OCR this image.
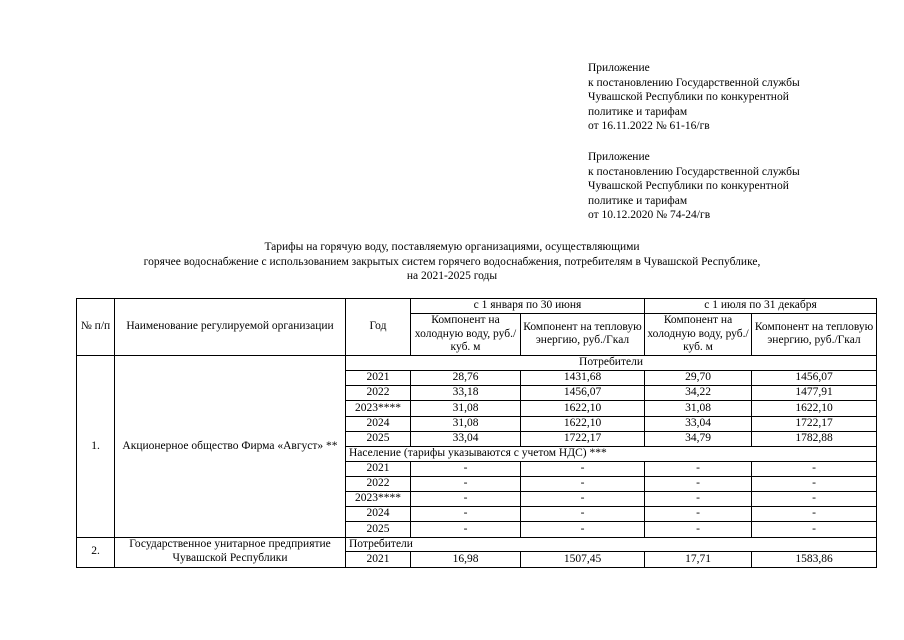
Приложение
к постановлению Государственной службы
Чувашской Республики по конкурентной
политике и тарифам
от 16.11.2022 № 61-16/гв
Приложение
к постановлению Государственной службы
Чувашской Республики по конкурентной
политике и тарифам
от 10.12.2020 № 74-24/гв
Тарифы на горячую воду, поставляемую организациями, осуществляющими
горячее водоснабжение с использованием закрытых систем горячего водоснабжения, потребителям в Чувашской Республике,
на 2021-2025 годы
№ п/п	Наименование регулируемой организации	Год	с 1 января по 30 июня		с 1 июля по 31 декабря	
			Компонент на холодную воду, руб./куб. м	Компонент на тепловую энергию, руб./Гкал	Компонент на холодную воду, руб./куб. м	Компонент на тепловую энергию, руб./Гкал
1.	Акционерное общество Фирма «Август» **	Потребители				
		2021	28,76	1431,68	29,70	1456,07
		2022	33,18	1456,07	34,22	1477,91
		2023****	31,08	1622,10	31,08	1622,10
		2024	31,08	1622,10	33,04	1722,17
		2025	33,04	1722,17	34,79	1782,88
		Население (тарифы указываются с учетом НДС) ***				
		2021	-	-	-	-
		2022	-	-	-	-
		2023****	-	-	-	-
		2024	-	-	-	-
		2025	-	-	-	-
2.	Государственное унитарное предприятие Чувашской Республики	Потребители				
		2021	16,98	1507,45	17,71	1583,86
